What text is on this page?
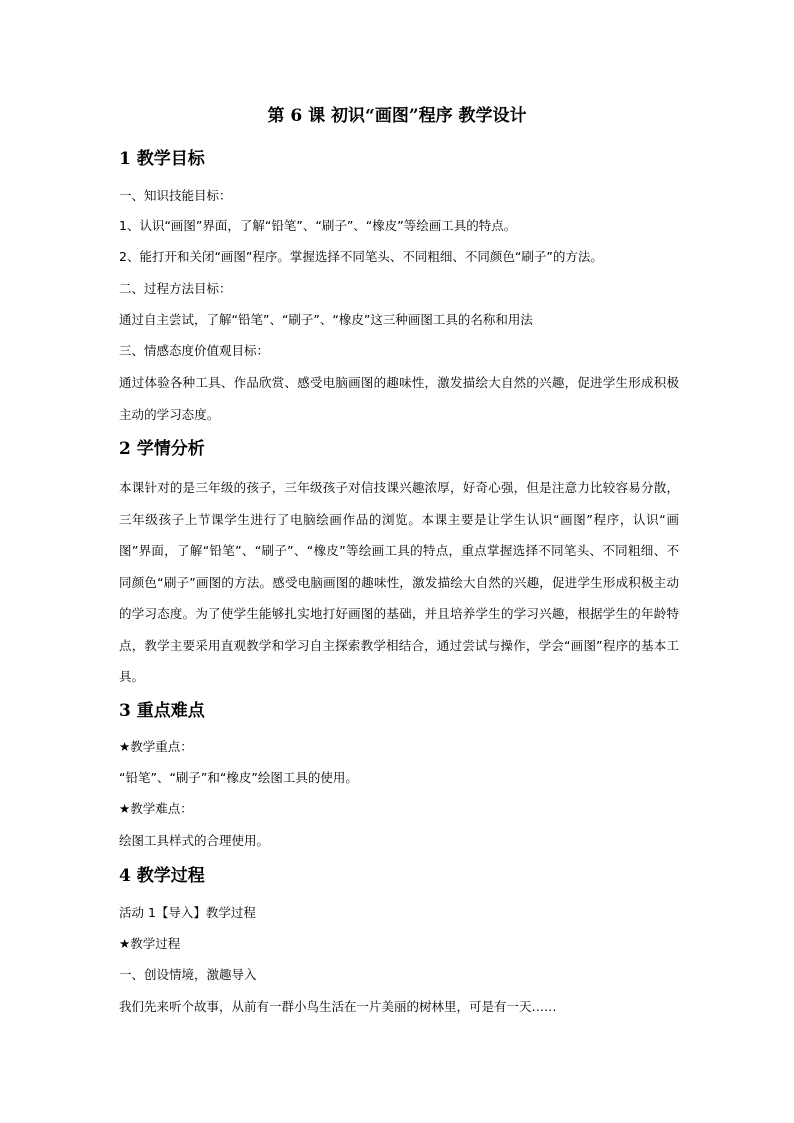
第 6 课 初识“画图”程序 教学设计
1 教学目标
一、知识技能目标：
1、认识“画图”界面，了解“铅笔”、“刷子”、“橡皮”等绘画工具的特点。
2、能打开和关闭“画图”程序。掌握选择不同笔头、不同粗细、不同颜色“刷子”的方法。
二、过程方法目标：
通过自主尝试，了解“铅笔”、“刷子”、“橡皮”这三种画图工具的名称和用法
三、情感态度价值观目标：
通过体验各种工具、作品欣赏、感受电脑画图的趣味性，激发描绘大自然的兴趣，促进学生形成积极主动的学习态度。
2 学情分析
本课针对的是三年级的孩子，三年级孩子对信技课兴趣浓厚，好奇心强，但是注意力比较容易分散，三年级孩子上节课学生进行了电脑绘画作品的浏览。本课主要是让学生认识“画图”程序，认识“画图”界面，了解“铅笔”、“刷子”、“橡皮”等绘画工具的特点，重点掌握选择不同笔头、不同粗细、不同颜色“刷子”画图的方法。感受电脑画图的趣味性，激发描绘大自然的兴趣，促进学生形成积极主动的学习态度。为了使学生能够扎实地打好画图的基础，并且培养学生的学习兴趣，根据学生的年龄特点，教学主要采用直观教学和学习自主探索教学相结合，通过尝试与操作，学会“画图”程序的基本工具。
3 重点难点
★教学重点：
“铅笔”、“刷子”和“橡皮”绘图工具的使用。
★教学难点：
绘图工具样式的合理使用。
4 教学过程
活动 1【导入】教学过程
★教学过程
一、创设情境，激趣导入
我们先来听个故事，从前有一群小鸟生活在一片美丽的树林里，可是有一天……
